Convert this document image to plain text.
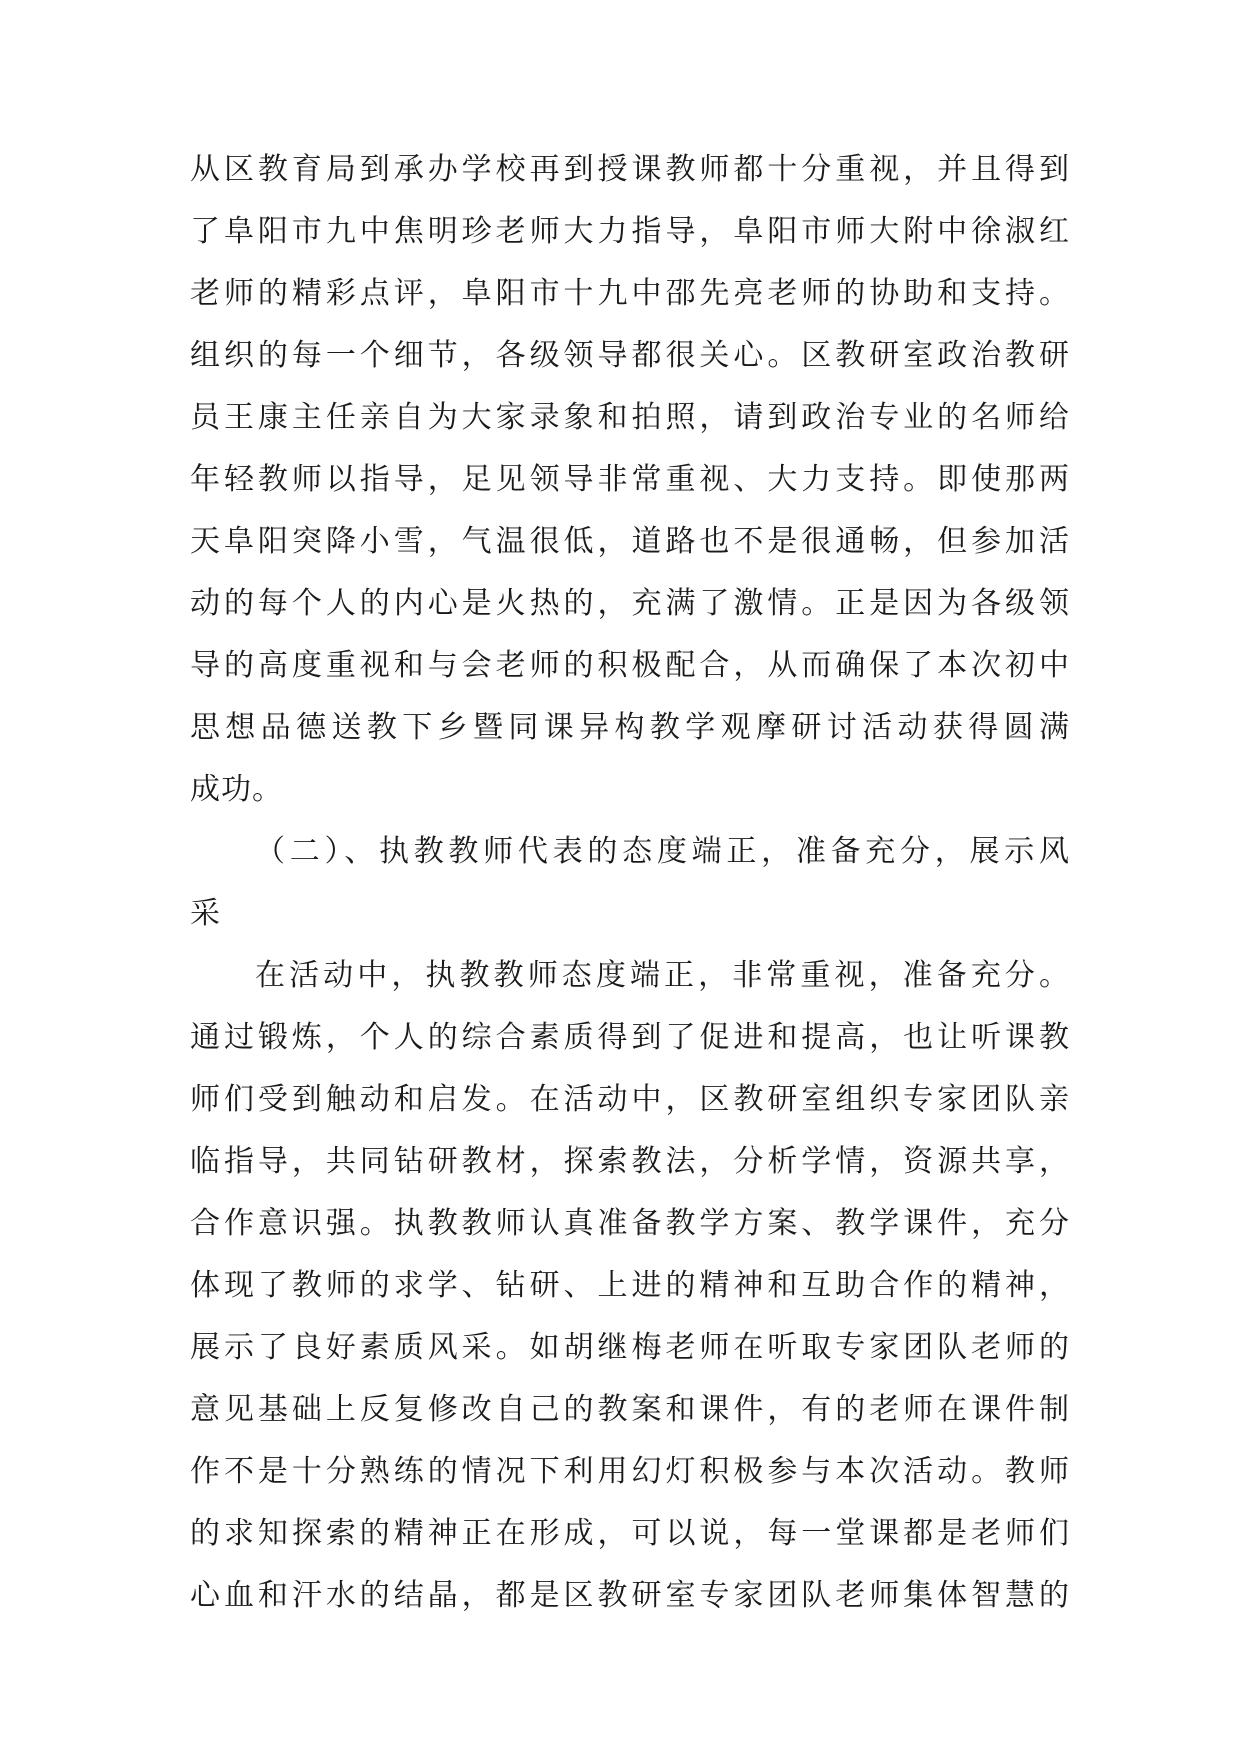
从区教育局到承办学校再到授课教师都十分重视，并且得到
了阜阳市九中焦明珍老师大力指导，阜阳市师大附中徐淑红
老师的精彩点评，阜阳市十九中邵先亮老师的协助和支持。
组织的每一个细节，各级领导都很关心。区教研室政治教研
员王康主任亲自为大家录象和拍照，请到政治专业的名师给
年轻教师以指导，足见领导非常重视、大力支持。即使那两
天阜阳突降小雪，气温很低，道路也不是很通畅，但参加活
动的每个人的内心是火热的，充满了激情。正是因为各级领
导的高度重视和与会老师的积极配合，从而确保了本次初中
思想品德送教下乡暨同课异构教学观摩研讨活动获得圆满
成功。
（二）、执教教师代表的态度端正，准备充分，展示风
采
在活动中，执教教师态度端正，非常重视，准备充分。
通过锻炼，个人的综合素质得到了促进和提高，也让听课教
师们受到触动和启发。在活动中，区教研室组织专家团队亲
临指导，共同钻研教材，探索教法，分析学情，资源共享，
合作意识强。执教教师认真准备教学方案、教学课件，充分
体现了教师的求学、钻研、上进的精神和互助合作的精神，
展示了良好素质风采。如胡继梅老师在听取专家团队老师的
意见基础上反复修改自己的教案和课件，有的老师在课件制
作不是十分熟练的情况下利用幻灯积极参与本次活动。教师
的求知探索的精神正在形成，可以说，每一堂课都是老师们
心血和汗水的结晶，都是区教研室专家团队老师集体智慧的
